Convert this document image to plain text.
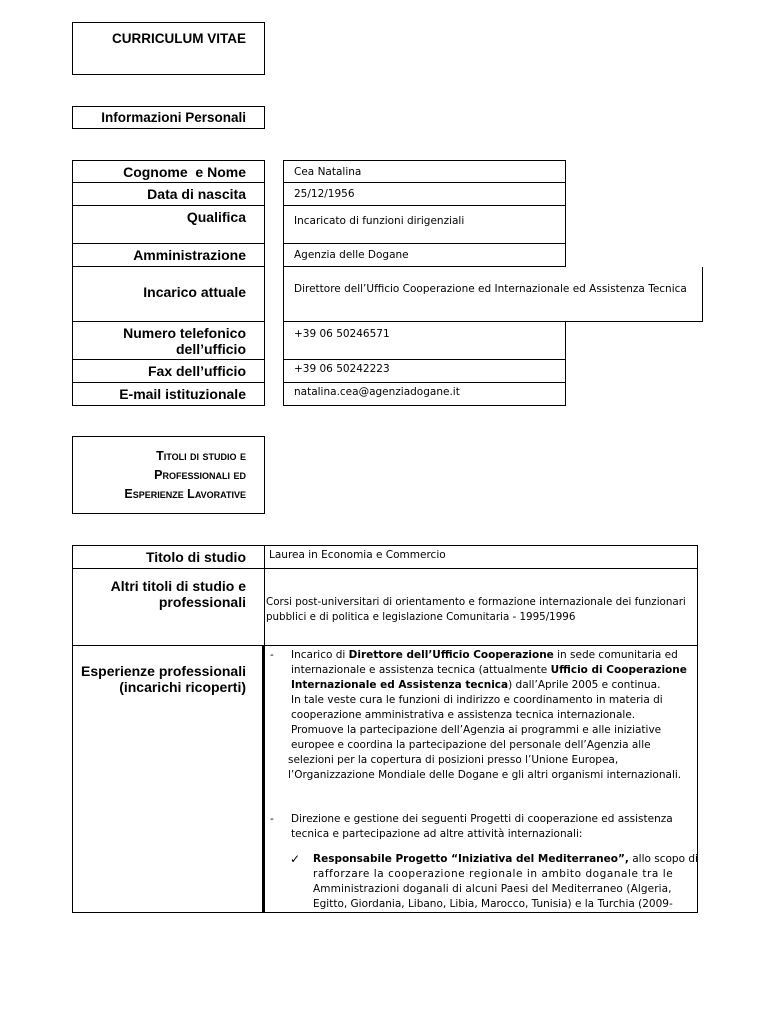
CURRICULUM VITAE
Informazioni Personali
Cognome  e Nome
Data di nascita
Qualifica
Amministrazione
Incarico attuale
Numero telefonico
dell’ufficio
Fax dell’ufficio
E-mail istituzionale
Cea Natalina
25/12/1956
Incaricato di funzioni dirigenziali
Agenzia delle Dogane
Direttore dell’Ufficio Cooperazione ed Internazionale ed Assistenza Tecnica
+39 06 50246571
+39 06 50242223
natalina.cea@agenziadogane.it
Titoli di studio e
Professionali ed
Esperienze Lavorative
Titolo di studio
Altri titoli di studio e
professionali
Esperienze professionali
(incarichi ricoperti)
Laurea in Economia e Commercio
Corsi post-universitari di orientamento e formazione internazionale dei funzionari
pubblici e di politica e legislazione Comunitaria - 1995/1996
- Incarico di Direttore dell’Ufficio Cooperazione in sede comunitaria ed
internazionale e assistenza tecnica (attualmente Ufficio di Cooperazione
Internazionale ed Assistenza tecnica) dall’Aprile 2005 e continua.
In tale veste cura le funzioni di indirizzo e coordinamento in materia di
cooperazione amministrativa e assistenza tecnica internazionale.
Promuove la partecipazione dell’Agenzia ai programmi e alle iniziative
europee e coordina la partecipazione del personale dell’Agenzia alle
selezioni per la copertura di posizioni presso l’Unione Europea,
l’Organizzazione Mondiale delle Dogane e gli altri organismi internazionali.
- Direzione e gestione dei seguenti Progetti di cooperazione ed assistenza
tecnica e partecipazione ad altre attività internazionali:
✓ Responsabile Progetto “Iniziativa del Mediterraneo”, allo scopo di
rafforzare la cooperazione regionale in ambito doganale tra le
Amministrazioni doganali di alcuni Paesi del Mediterraneo (Algeria,
Egitto, Giordania, Libano, Libia, Marocco, Tunisia) e la Turchia (2009-
